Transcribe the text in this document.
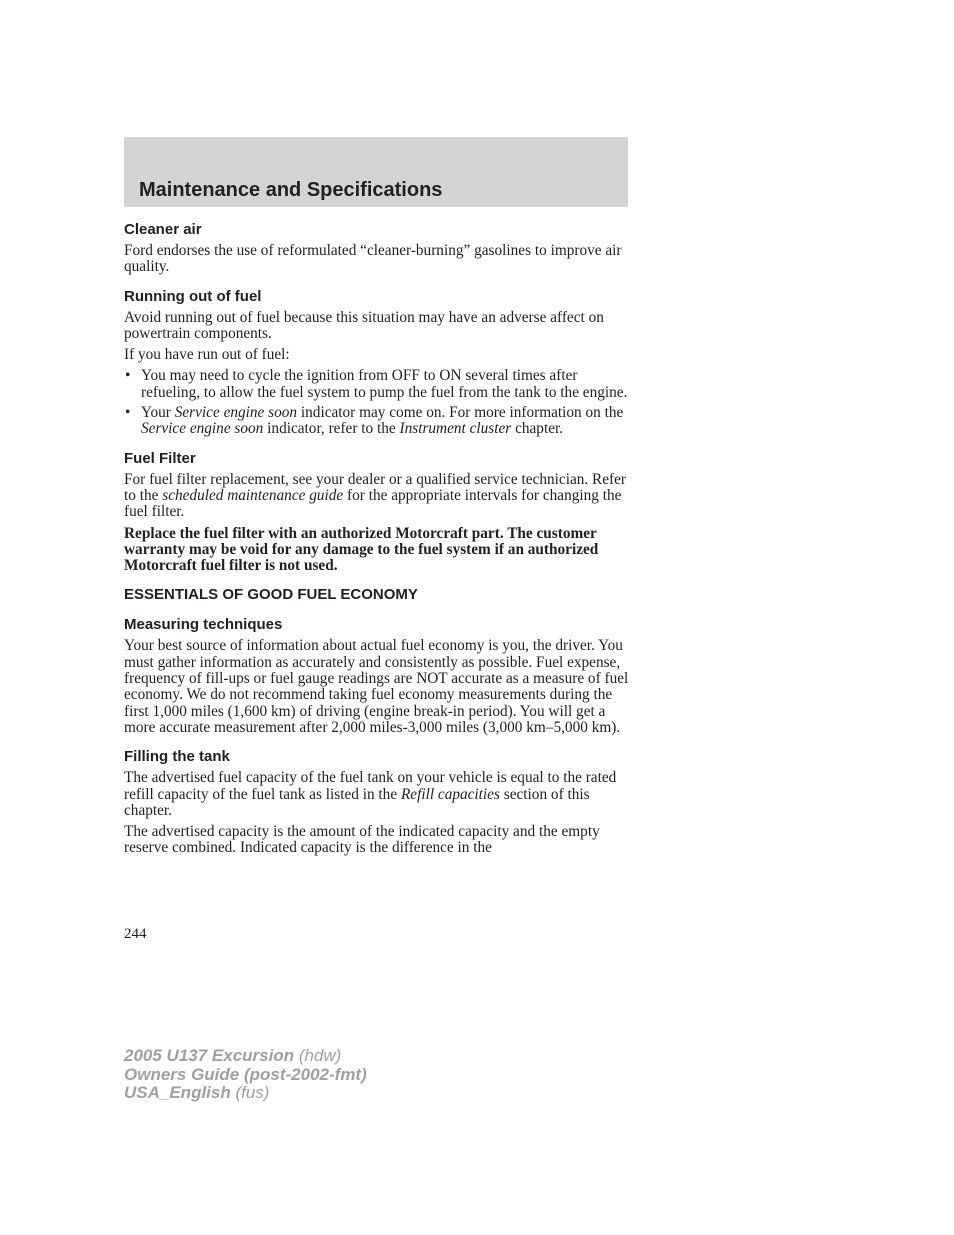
Maintenance and Specifications
Cleaner air

Ford endorses the use of reformulated “cleaner-burning” gasolines to improve air quality.

Running out of fuel

Avoid running out of fuel because this situation may have an adverse affect on powertrain components.

If you have run out of fuel:

• You may need to cycle the ignition from OFF to ON several times after refueling, to allow the fuel system to pump the fuel from the tank to the engine.
• Your Service engine soon indicator may come on. For more information on the Service engine soon indicator, refer to the Instrument cluster chapter.
Fuel Filter

For fuel filter replacement, see your dealer or a qualified service technician. Refer to the scheduled maintenance guide for the appropriate intervals for changing the fuel filter.

Replace the fuel filter with an authorized Motorcraft part. The customer warranty may be void for any damage to the fuel system if an authorized Motorcraft fuel filter is not used.

ESSENTIALS OF GOOD FUEL ECONOMY
Measuring techniques

Your best source of information about actual fuel economy is you, the driver. You must gather information as accurately and consistently as possible. Fuel expense, frequency of fill-ups or fuel gauge readings are NOT accurate as a measure of fuel economy. We do not recommend taking fuel economy measurements during the first 1,000 miles (1,600 km) of driving (engine break-in period). You will get a more accurate measurement after 2,000 miles-3,000 miles (3,000 km–5,000 km).

Filling the tank

The advertised fuel capacity of the fuel tank on your vehicle is equal to the rated refill capacity of the fuel tank as listed in the Refill capacities section of this chapter.

The advertised capacity is the amount of the indicated capacity and the empty reserve combined. Indicated capacity is the difference in the

244
2005 U137 Excursion (hdw)
Owners Guide (post-2002-fmt)
USA_English (fus)
